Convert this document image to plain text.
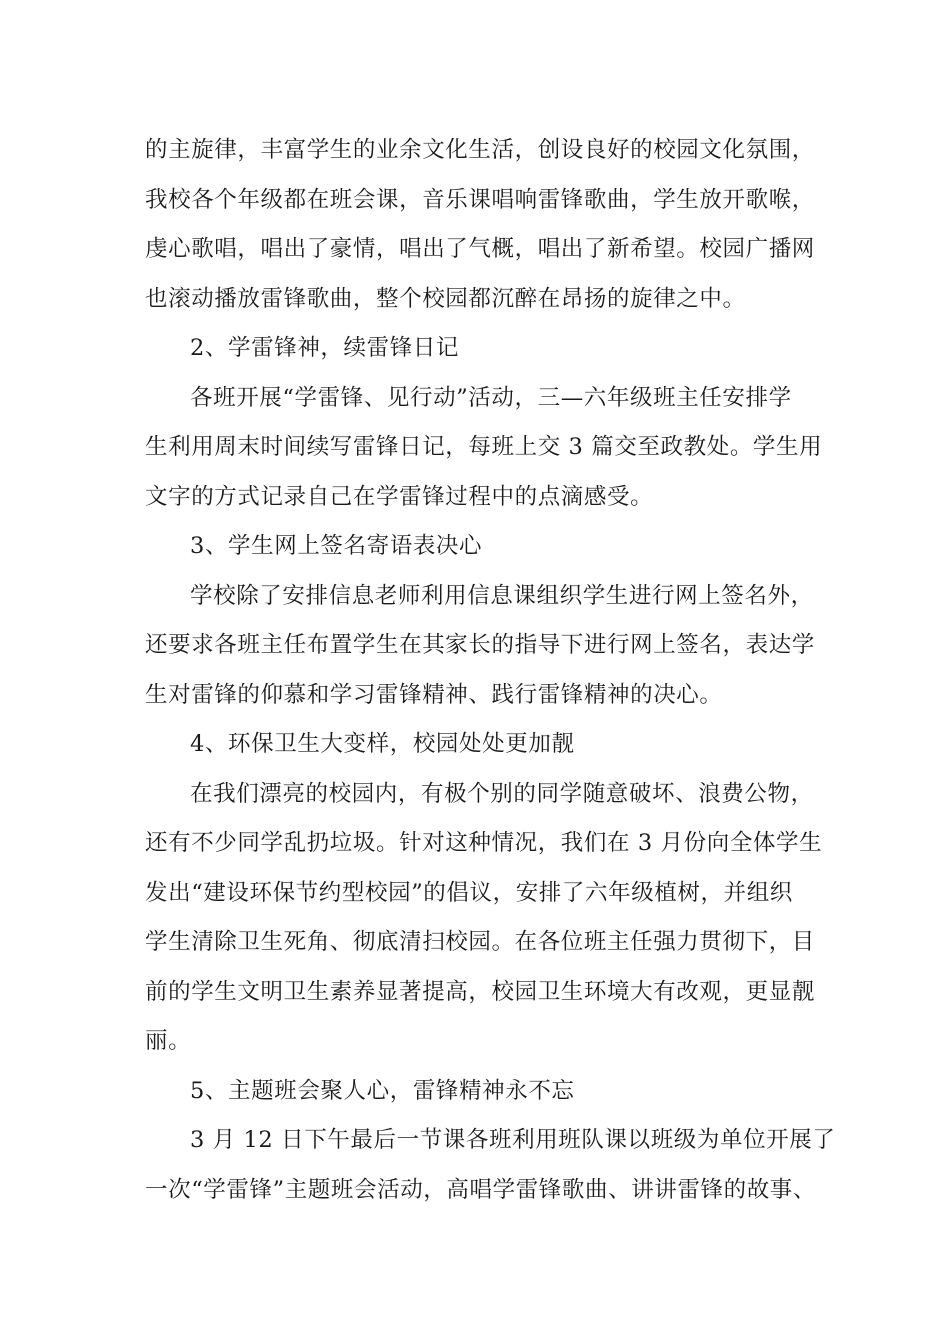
的主旋律，丰富学生的业余文化生活，创设良好的校园文化氛围，
我校各个年级都在班会课，音乐课唱响雷锋歌曲，学生放开歌喉，
虔心歌唱，唱出了豪情，唱出了气概，唱出了新希望。校园广播网
也滚动播放雷锋歌曲，整个校园都沉醉在昂扬的旋律之中。
2、学雷锋神，续雷锋日记
各班开展“学雷锋、见行动”活动，三—六年级班主任安排学
生利用周末时间续写雷锋日记，每班上交 3 篇交至政教处。学生用
文字的方式记录自己在学雷锋过程中的点滴感受。
3、学生网上签名寄语表决心
学校除了安排信息老师利用信息课组织学生进行网上签名外，
还要求各班主任布置学生在其家长的指导下进行网上签名，表达学
生对雷锋的仰慕和学习雷锋精神、践行雷锋精神的决心。
4、环保卫生大变样，校园处处更加靓
在我们漂亮的校园内，有极个别的同学随意破坏、浪费公物，
还有不少同学乱扔垃圾。针对这种情况，我们在 3 月份向全体学生
发出“建设环保节约型校园”的倡议，安排了六年级植树，并组织
学生清除卫生死角、彻底清扫校园。在各位班主任强力贯彻下，目
前的学生文明卫生素养显著提高，校园卫生环境大有改观，更显靓
丽。
5、主题班会聚人心，雷锋精神永不忘
3 月 12 日下午最后一节课各班利用班队课以班级为单位开展了
一次“学雷锋”主题班会活动，高唱学雷锋歌曲、讲讲雷锋的故事、
